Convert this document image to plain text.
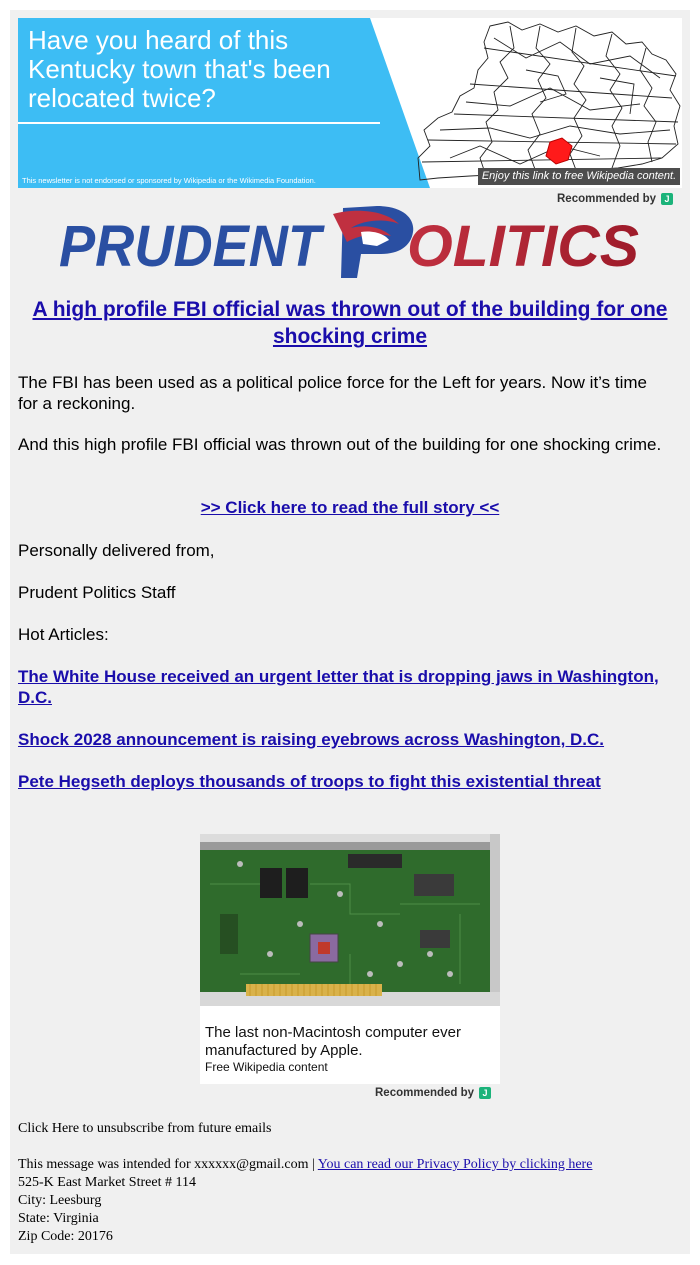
Have you heard of this Kentucky town that's been relocated twice?
This newsletter is not endorsed or sponsored by Wikipedia or the Wikimedia Foundation.	Enjoy this link to free Wikipedia content.
Recommended by J
PRUDENT OLITICS
A high profile FBI official was thrown out of the building for one shocking crime
The FBI has been used as a political police force for the Left for years. Now it’s time for a reckoning.
And this high profile FBI official was thrown out of the building for one shocking crime.
>> Click here to read the full story <<
Personally delivered from,
Prudent Politics Staff
Hot Articles:
The White House received an urgent letter that is dropping jaws in Washington, D.C.
Shock 2028 announcement is raising eyebrows across Washington, D.C.
Pete Hegseth deploys thousands of troops to fight this existential threat
The last non-Macintosh computer ever manufactured by Apple.
Free Wikipedia content
Recommended by J
Click Here to unsubscribe from future emails
This message was intended for xxxxxx@gmail.com | You can read our Privacy Policy by clicking here
525-K East Market Street # 114
City: Leesburg
State: Virginia
Zip Code: 20176
